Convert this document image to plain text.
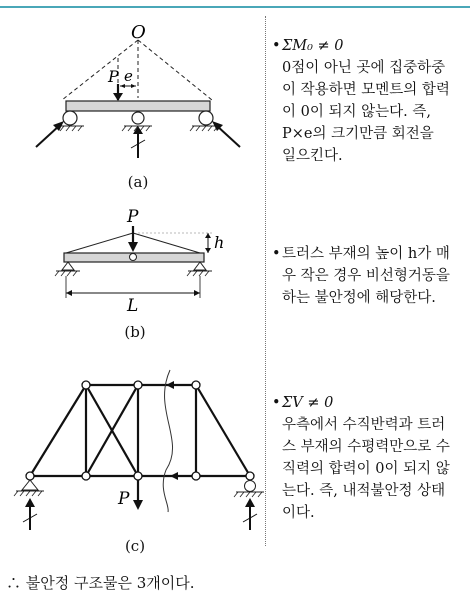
O
P e
(a)
P
h
L
(b)
P
(c)
•ΣM₀ ≠ 0
0점이 아닌 곳에 집중하중
이 작용하면 모멘트의 합력
이 0이 되지 않는다. 즉,
P×e의 크기만큼 회전을
일으킨다.
•트러스 부재의 높이 h가 매
우 작은 경우 비선형거동을
하는 불안정에 해당한다.
•ΣV ≠ 0
우측에서 수직반력과 트러
스 부재의 수평력만으로 수
직력의 합력이 0이 되지 않
는다. 즉, 내적불안정 상태
이다.
∴ 불안정 구조물은 3개이다.
